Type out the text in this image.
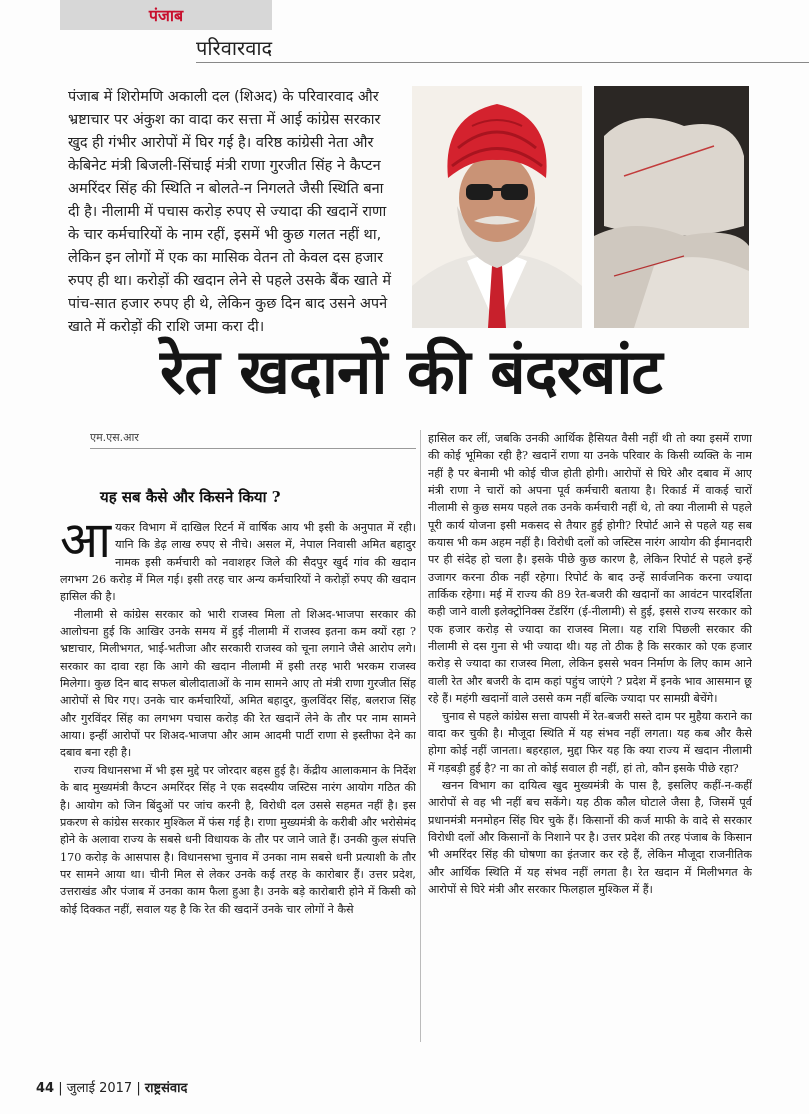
पंजाब
परिवारवाद
पंजाब में शिरोमणि अकाली दल (शिअद) के परिवारवाद और भ्रष्टाचार पर अंकुश का वादा कर सत्ता में आई कांग्रेस सरकार खुद ही गंभीर आरोपों में घिर गई है। वरिष्ठ कांग्रेसी नेता और केबिनेट मंत्री बिजली-सिंचाई मंत्री राणा गुरजीत सिंह ने कैप्टन अमरिंदर सिंह की स्थिति न बोलते-न निगलते जैसी स्थिति बना दी है। नीलामी में पचास करोड़ रुपए से ज्यादा की खदानें राणा के चार कर्मचारियों के नाम रहीं, इसमें भी कुछ गलत नहीं था, लेकिन इन लोगों में एक का मासिक वेतन तो केवल दस हजार रुपए ही था। करोड़ों की खदान लेने से पहले उसके बैंक खाते में पांच-सात हजार रुपए ही थे, लेकिन कुछ दिन बाद उसने अपने खाते में करोड़ों की राशि जमा करा दी।
रेत खदानों की बंदरबांट
एम.एस.आर
यह सब कैसे और किसने किया ?

आयकर विभाग में दाखिल रिटर्न में वार्षिक आय भी इसी के अनुपात में रही। यानि कि डेढ़ लाख रुपए से नीचे। असल में, नेपाल निवासी अमित बहादुर नामक इसी कर्मचारी को नवाशहर जिले की सैदपुर खुर्द गांव की खदान लगभग 26 करोड़ में मिल गई। इसी तरह चार अन्य कर्मचारियों ने करोड़ों रुपए की खदान हासिल की है।

नीलामी से कांग्रेस सरकार को भारी राजस्व मिला तो शिअद-भाजपा सरकार की आलोचना हुई कि आखिर उनके समय में हुई नीलामी में राजस्व इतना कम क्यों रहा ? भ्रष्टाचार, मिलीभगत, भाई-भतीजा और सरकारी राजस्व को चूना लगाने जैसे आरोप लगे। सरकार का दावा रहा कि आगे की खदान नीलामी में इसी तरह भारी भरकम राजस्व मिलेगा। कुछ दिन बाद सफल बोलीदाताओं के नाम सामने आए तो मंत्री राणा गुरजीत सिंह आरोपों से घिर गए। उनके चार कर्मचारियों, अमित बहादुर, कुलविंदर सिंह, बलराज सिंह और गुरविंदर सिंह का लगभग पचास करोड़ की रेत खदानें लेने के तौर पर नाम सामने आया। इन्हीं आरोपों पर शिअद-भाजपा और आम आदमी पार्टी राणा से इस्तीफा देने का दबाव बना रही है।

राज्य विधानसभा में भी इस मुद्दे पर जोरदार बहस हुई है। केंद्रीय आलाकमान के निर्देश के बाद मुख्यमंत्री कैप्टन अमरिंदर सिंह ने एक सदस्यीय जस्टिस नारंग आयोग गठित की है। आयोग को जिन बिंदुओं पर जांच करनी है, विरोधी दल उससे सहमत नहीं है। इस प्रकरण से कांग्रेस सरकार मुश्किल में फंस गई है। राणा मुख्यमंत्री के करीबी और भरोसेमंद होने के अलावा राज्य के सबसे धनी विधायक के तौर पर जाने जाते हैं। उनकी कुल संपत्ति 170 करोड़ के आसपास है। विधानसभा चुनाव में उनका नाम सबसे धनी प्रत्याशी के तौर पर सामने आया था। चीनी मिल से लेकर उनके कई तरह के कारोबार हैं। उत्तर प्रदेश, उत्तराखंड और पंजाब में उनका काम फैला हुआ है। उनके बड़े कारोबारी होने में किसी को कोई दिक्कत नहीं, सवाल यह है कि रेत की खदानें उनके चार लोगों ने कैसे

हासिल कर लीं, जबकि उनकी आर्थिक हैसियत वैसी नहीं थी तो क्या इसमें राणा की कोई भूमिका रही है? खदानें राणा या उनके परिवार के किसी व्यक्ति के नाम नहीं है पर बेनामी भी कोई चीज होती होगी। आरोपों से घिरे और दबाव में आए मंत्री राणा ने चारों को अपना पूर्व कर्मचारी बताया है। रिकार्ड में वाकई चारों नीलामी से कुछ समय पहले तक उनके कर्मचारी नहीं थे, तो क्या नीलामी से पहले पूरी कार्य योजना इसी मकसद से तैयार हुई होगी? रिपोर्ट आने से पहले यह सब कयास भी कम अहम नहीं है। विरोधी दलों को जस्टिस नारंग आयोग की ईमानदारी पर ही संदेह हो चला है। इसके पीछे कुछ कारण है, लेकिन रिपोर्ट से पहले इन्हें उजागर करना ठीक नहीं रहेगा। रिपोर्ट के बाद उन्हें सार्वजनिक करना ज्यादा तार्किक रहेगा। मई में राज्य की 89 रेत-बजरी की खदानों का आवंटन पारदर्शिता कही जाने वाली इलेक्ट्रोनिक्स टेंडरिंग (ई-नीलामी) से हुई, इससे राज्य सरकार को एक हजार करोड़ से ज्यादा का राजस्व मिला। यह राशि पिछली सरकार की नीलामी से दस गुना से भी ज्यादा थी। यह तो ठीक है कि सरकार को एक हजार करोड़ से ज्यादा का राजस्व मिला, लेकिन इससे भवन निर्माण के लिए काम आने वाली रेत और बजरी के दाम कहां पहुंच जाएंगे ? प्रदेश में इनके भाव आसमान छू रहे हैं। महंगी खदानों वाले उससे कम नहीं बल्कि ज्यादा पर सामग्री बेचेंगे।

चुनाव से पहले कांग्रेस सत्ता वापसी में रेत-बजरी सस्ते दाम पर मुहैया कराने का वादा कर चुकी है। मौजूदा स्थिति में यह संभव नहीं लगता। यह कब और कैसे होगा कोई नहीं जानता। बहरहाल, मुद्दा फिर यह कि क्या राज्य में खदान नीलामी में गड़बड़ी हुई है? ना का तो कोई सवाल ही नहीं, हां तो, कौन इसके पीछे रहा?

खनन विभाग का दायित्व खुद मुख्यमंत्री के पास है, इसलिए कहीं-न-कहीं आरोपों से वह भी नहीं बच सकेंगे। यह ठीक कौल घोटाले जैसा है, जिसमें पूर्व प्रधानमंत्री मनमोहन सिंह घिर चुके हैं। किसानों की कर्ज माफी के वादे से सरकार विरोधी दलों और किसानों के निशाने पर है। उत्तर प्रदेश की तरह पंजाब के किसान भी अमरिंदर सिंह की घोषणा का इंतजार कर रहे हैं, लेकिन मौजूदा राजनीतिक और आर्थिक स्थिति में यह संभव नहीं लगता है। रेत खदान में मिलीभगत के आरोपों से घिरे मंत्री और सरकार फिलहाल मुश्किल में हैं।

44 | जुलाई 2017 | राष्ट्रसंवाद
